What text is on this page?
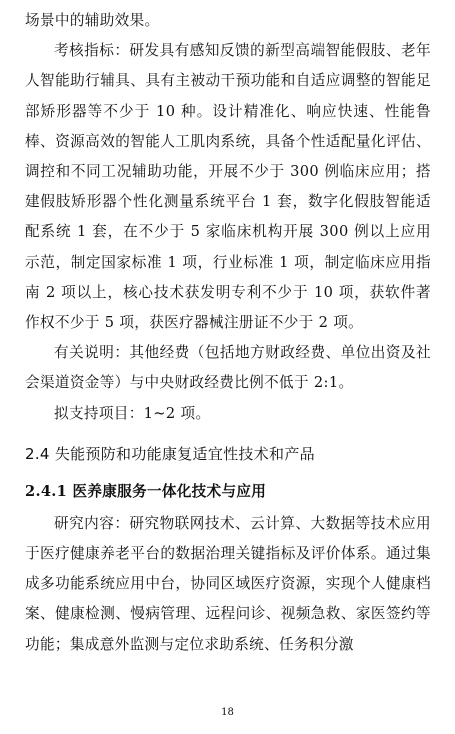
场景中的辅助效果。

考核指标：研发具有感知反馈的新型高端智能假肢、老年人智能助行辅具、具有主被动干预功能和自适应调整的智能足部矫形器等不少于 10 种。设计精准化、响应快速、性能鲁棒、资源高效的智能人工肌肉系统，具备个性适配量化评估、调控和不同工况辅助功能，开展不少于 300 例临床应用；搭建假肢矫形器个性化测量系统平台 1 套，数字化假肢智能适配系统 1 套，在不少于 5 家临床机构开展 300 例以上应用示范，制定国家标准 1 项，行业标准 1 项，制定临床应用指南 2 项以上，核心技术获发明专利不少于 10 项，获软件著作权不少于 5 项，获医疗器械注册证不少于 2 项。

有关说明：其他经费（包括地方财政经费、单位出资及社会渠道资金等）与中央财政经费比例不低于 2:1。

拟支持项目：1~2 项。

2.4 失能预防和功能康复适宜性技术和产品
2.4.1 医养康服务一体化技术与应用

研究内容：研究物联网技术、云计算、大数据等技术应用于医疗健康养老平台的数据治理关键指标及评价体系。通过集成多功能系统应用中台，协同区域医疗资源，实现个人健康档案、健康检测、慢病管理、远程问诊、视频急救、家医签约等功能；集成意外监测与定位求助系统、任务积分激

18
